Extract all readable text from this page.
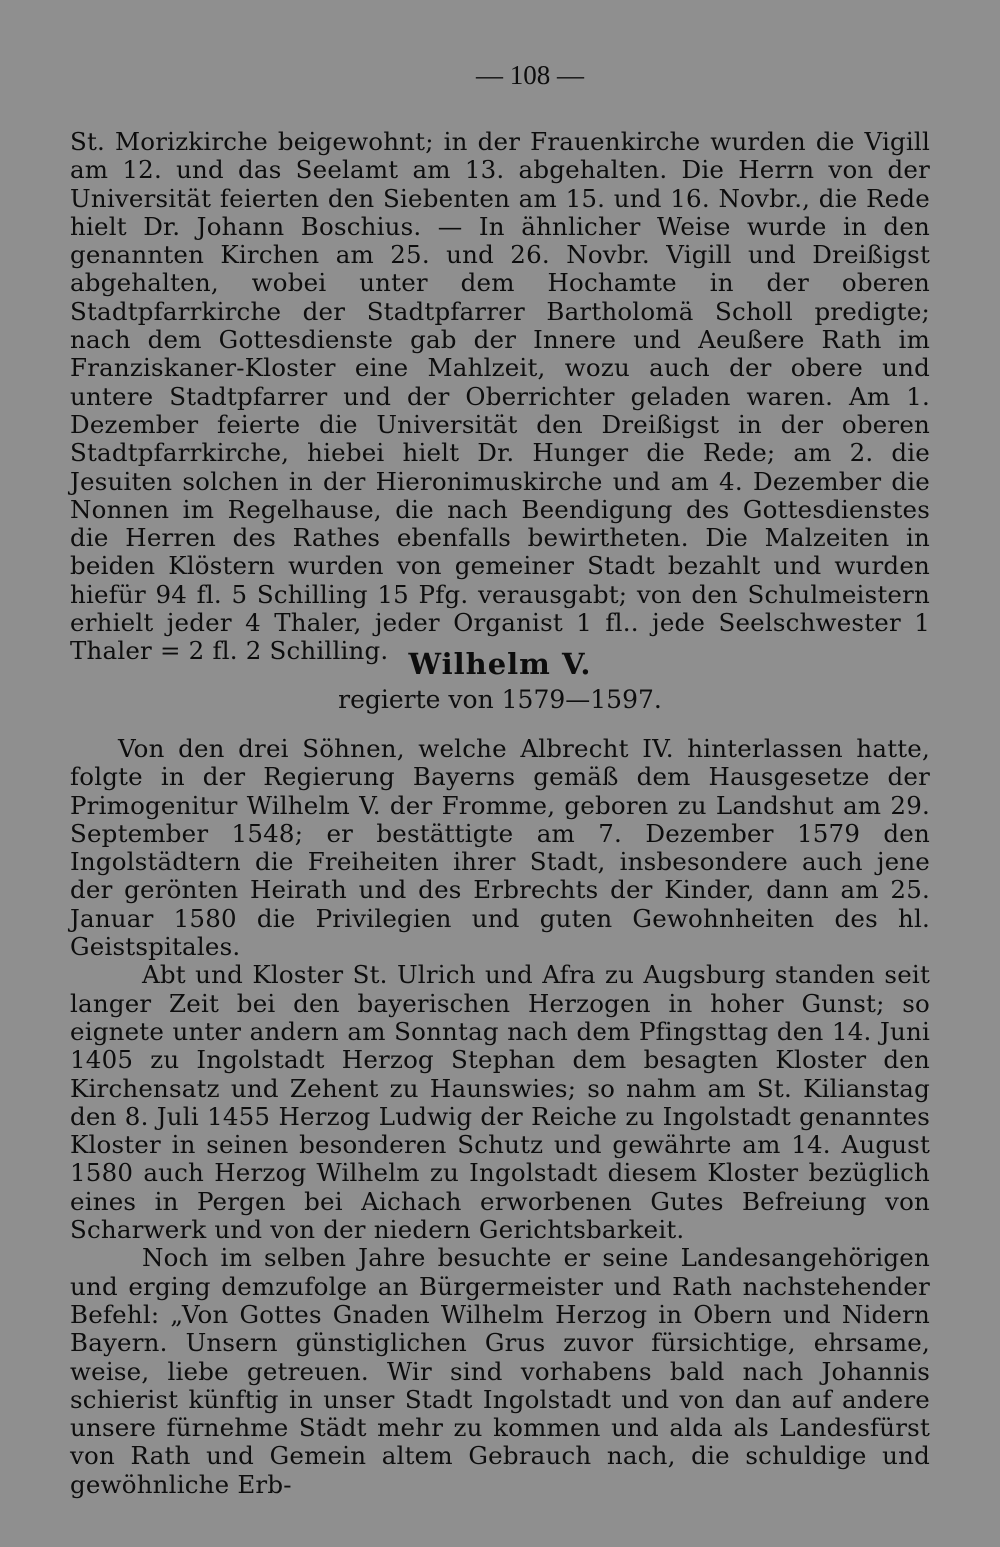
— 108 —

St. Morizkirche beigewohnt; in der Frauenkirche wurden die Vigill am 12. und das Seelamt am 13. abgehalten. Die Herrn von der Universität feierten den Siebenten am 15. und 16. Novbr., die Rede hielt Dr. Johann Boschius. — In ähnlicher Weise wurde in den genannten Kirchen am 25. und 26. Novbr. Vigill und Dreißigst abgehalten, wobei unter dem Hochamte in der oberen Stadtpfarrkirche der Stadtpfarrer Bartholomä Scholl predigte; nach dem Gottesdienste gab der Innere und Aeußere Rath im Franziskaner-Kloster eine Mahlzeit, wozu auch der obere und untere Stadtpfarrer und der Oberrichter geladen waren. Am 1. Dezember feierte die Universität den Dreißigst in der oberen Stadtpfarrkirche, hiebei hielt Dr. Hunger die Rede; am 2. die Jesuiten solchen in der Hieronimuskirche und am 4. Dezember die Nonnen im Regelhause, die nach Beendigung des Gottesdienstes die Herren des Rathes ebenfalls bewirtheten. Die Malzeiten in beiden Klöstern wurden von gemeiner Stadt bezahlt und wurden hiefür 94 fl. 5 Schilling 15 Pfg. verausgabt; von den Schulmeistern erhielt jeder 4 Thaler, jeder Organist 1 fl.. jede Seelschwester 1 Thaler = 2 fl. 2 Schilling. Wilhelm V.
regierte von 1579—1597.

Von den drei Söhnen, welche Albrecht IV. hinterlassen hatte, folgte in der Regierung Bayerns gemäß dem Hausgesetze der Primogenitur Wilhelm V. der Fromme, geboren zu Landshut am 29. September 1548; er bestättigte am 7. Dezember 1579 den Ingolstädtern die Freiheiten ihrer Stadt, insbesondere auch jene der gerönten Heirath und des Erbrechts der Kinder, dann am 25. Januar 1580 die Privilegien und guten Gewohnheiten des hl. Geistspitales.

Abt und Kloster St. Ulrich und Afra zu Augsburg standen seit langer Zeit bei den bayerischen Herzogen in hoher Gunst; so eignete unter andern am Sonntag nach dem Pfingsttag den 14. Juni 1405 zu Ingolstadt Herzog Stephan dem besagten Kloster den Kirchensatz und Zehent zu Haunswies; so nahm am St. Kilianstag den 8. Juli 1455 Herzog Ludwig der Reiche zu Ingolstadt genanntes Kloster in seinen besonderen Schutz und gewährte am 14. August 1580 auch Herzog Wilhelm zu Ingolstadt diesem Kloster bezüglich eines in Pergen bei Aichach erworbenen Gutes Befreiung von Scharwerk und von der niedern Gerichtsbarkeit.

Noch im selben Jahre besuchte er seine Landesangehörigen und erging demzufolge an Bürgermeister und Rath nachstehender Befehl: „Von Gottes Gnaden Wilhelm Herzog in Obern und Nidern Bayern. Unsern günstiglichen Grus zuvor fürsichtige, ehrsame, weise, liebe getreuen. Wir sind vorhabens bald nach Johannis schierist künftig in unser Stadt Ingolstadt und von dan auf andere unsere fürnehme Städt mehr zu kommen und alda als Landesfürst von Rath und Gemein altem Gebrauch nach, die schuldige und gewöhnliche Erb-
